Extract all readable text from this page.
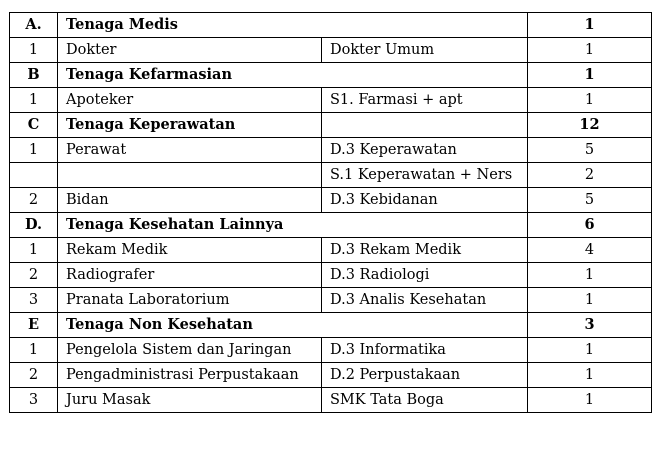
A.	Tenaga Medis		1
1	Dokter	Dokter Umum	1
B	Tenaga Kefarmasian		1
1	Apoteker	S1. Farmasi + apt	1
C	Tenaga Keperawatan		12
1	Perawat	D.3 Keperawatan	5
		S.1 Keperawatan + Ners	2
2	Bidan	D.3 Kebidanan	5
D.	Tenaga Kesehatan Lainnya		6
1	Rekam Medik	D.3 Rekam Medik	4
2	Radiografer	D.3 Radiologi	1
3	Pranata Laboratorium	D.3 Analis Kesehatan	1
E	Tenaga Non Kesehatan		3
1	Pengelola Sistem dan Jaringan	D.3 Informatika	1
2	Pengadministrasi Perpustakaan	D.2 Perpustakaan	1
3	Juru Masak	SMK Tata Boga	1
